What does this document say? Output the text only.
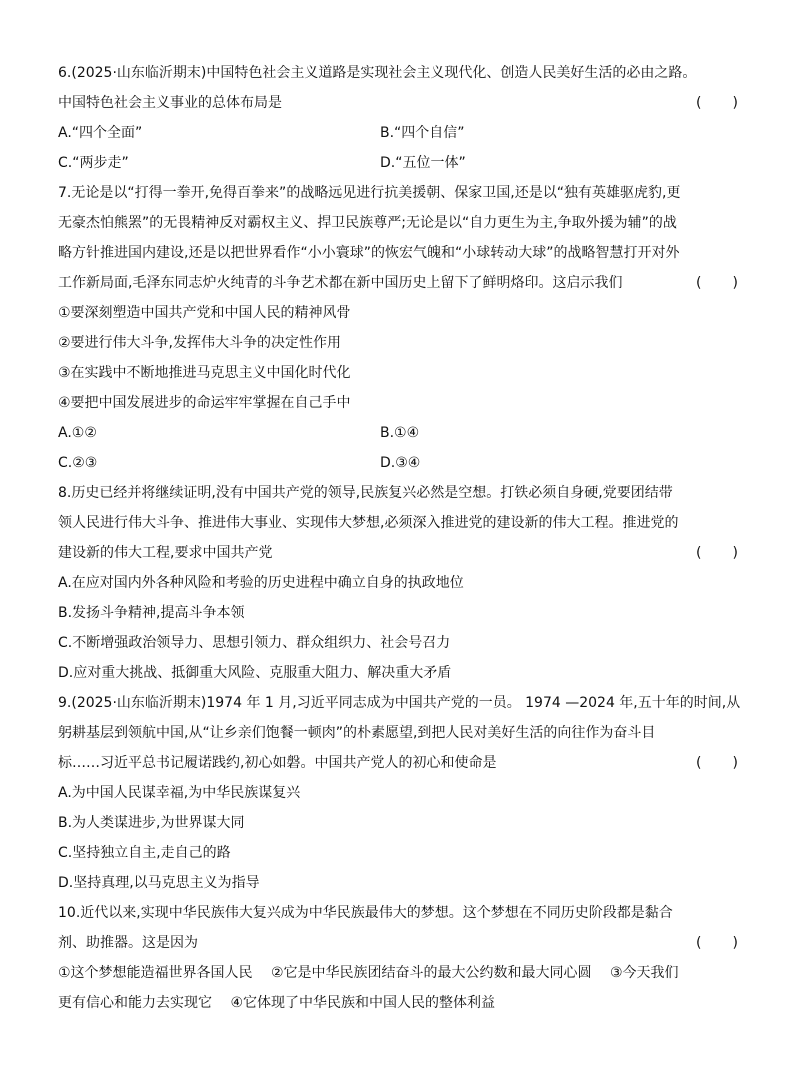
6.(2025·山东临沂期末)中国特色社会主义道路是实现社会主义现代化、创造人民美好生活的必由之路。
中国特色社会主义事业的总体布局是	( )
A.“四个全面”	B.“四个自信”
C.“两步走”	D.“五位一体”
7.无论是以“打得一拳开,免得百拳来”的战略远见进行抗美援朝、保家卫国,还是以“独有英雄驱虎豹,更
无豪杰怕熊罴”的无畏精神反对霸权主义、捍卫民族尊严;无论是以“自力更生为主,争取外援为辅”的战
略方针推进国内建设,还是以把世界看作“小小寰球”的恢宏气魄和“小球转动大球”的战略智慧打开对外
工作新局面,毛泽东同志炉火纯青的斗争艺术都在新中国历史上留下了鲜明烙印。这启示我们	( )
①要深刻塑造中国共产党和中国人民的精神风骨
②要进行伟大斗争,发挥伟大斗争的决定性作用
③在实践中不断地推进马克思主义中国化时代化
④要把中国发展进步的命运牢牢掌握在自己手中
A.①②	B.①④
C.②③	D.③④
8.历史已经并将继续证明,没有中国共产党的领导,民族复兴必然是空想。打铁必须自身硬,党要团结带
领人民进行伟大斗争、推进伟大事业、实现伟大梦想,必须深入推进党的建设新的伟大工程。推进党的
建设新的伟大工程,要求中国共产党	( )
A.在应对国内外各种风险和考验的历史进程中确立自身的执政地位
B.发扬斗争精神,提高斗争本领
C.不断增强政治领导力、思想引领力、群众组织力、社会号召力
D.应对重大挑战、抵御重大风险、克服重大阻力、解决重大矛盾
9.(2025·山东临沂期末)1974 年 1 月,习近平同志成为中国共产党的一员。 1974 —2024 年,五十年的时间,从
躬耕基层到领航中国,从“让乡亲们饱餐一顿肉”的朴素愿望,到把人民对美好生活的向往作为奋斗目
标……习近平总书记履诺践约,初心如磐。中国共产党人的初心和使命是	( )
A.为中国人民谋幸福,为中华民族谋复兴
B.为人类谋进步,为世界谋大同
C.坚持独立自主,走自己的路
D.坚持真理,以马克思主义为指导
10.近代以来,实现中华民族伟大复兴成为中华民族最伟大的梦想。这个梦想在不同历史阶段都是黏合
剂、助推器。这是因为	( )
①这个梦想能造福世界各国人民　 ②它是中华民族团结奋斗的最大公约数和最大同心圆　 ③今天我们
更有信心和能力去实现它　 ④它体现了中华民族和中国人民的整体利益
